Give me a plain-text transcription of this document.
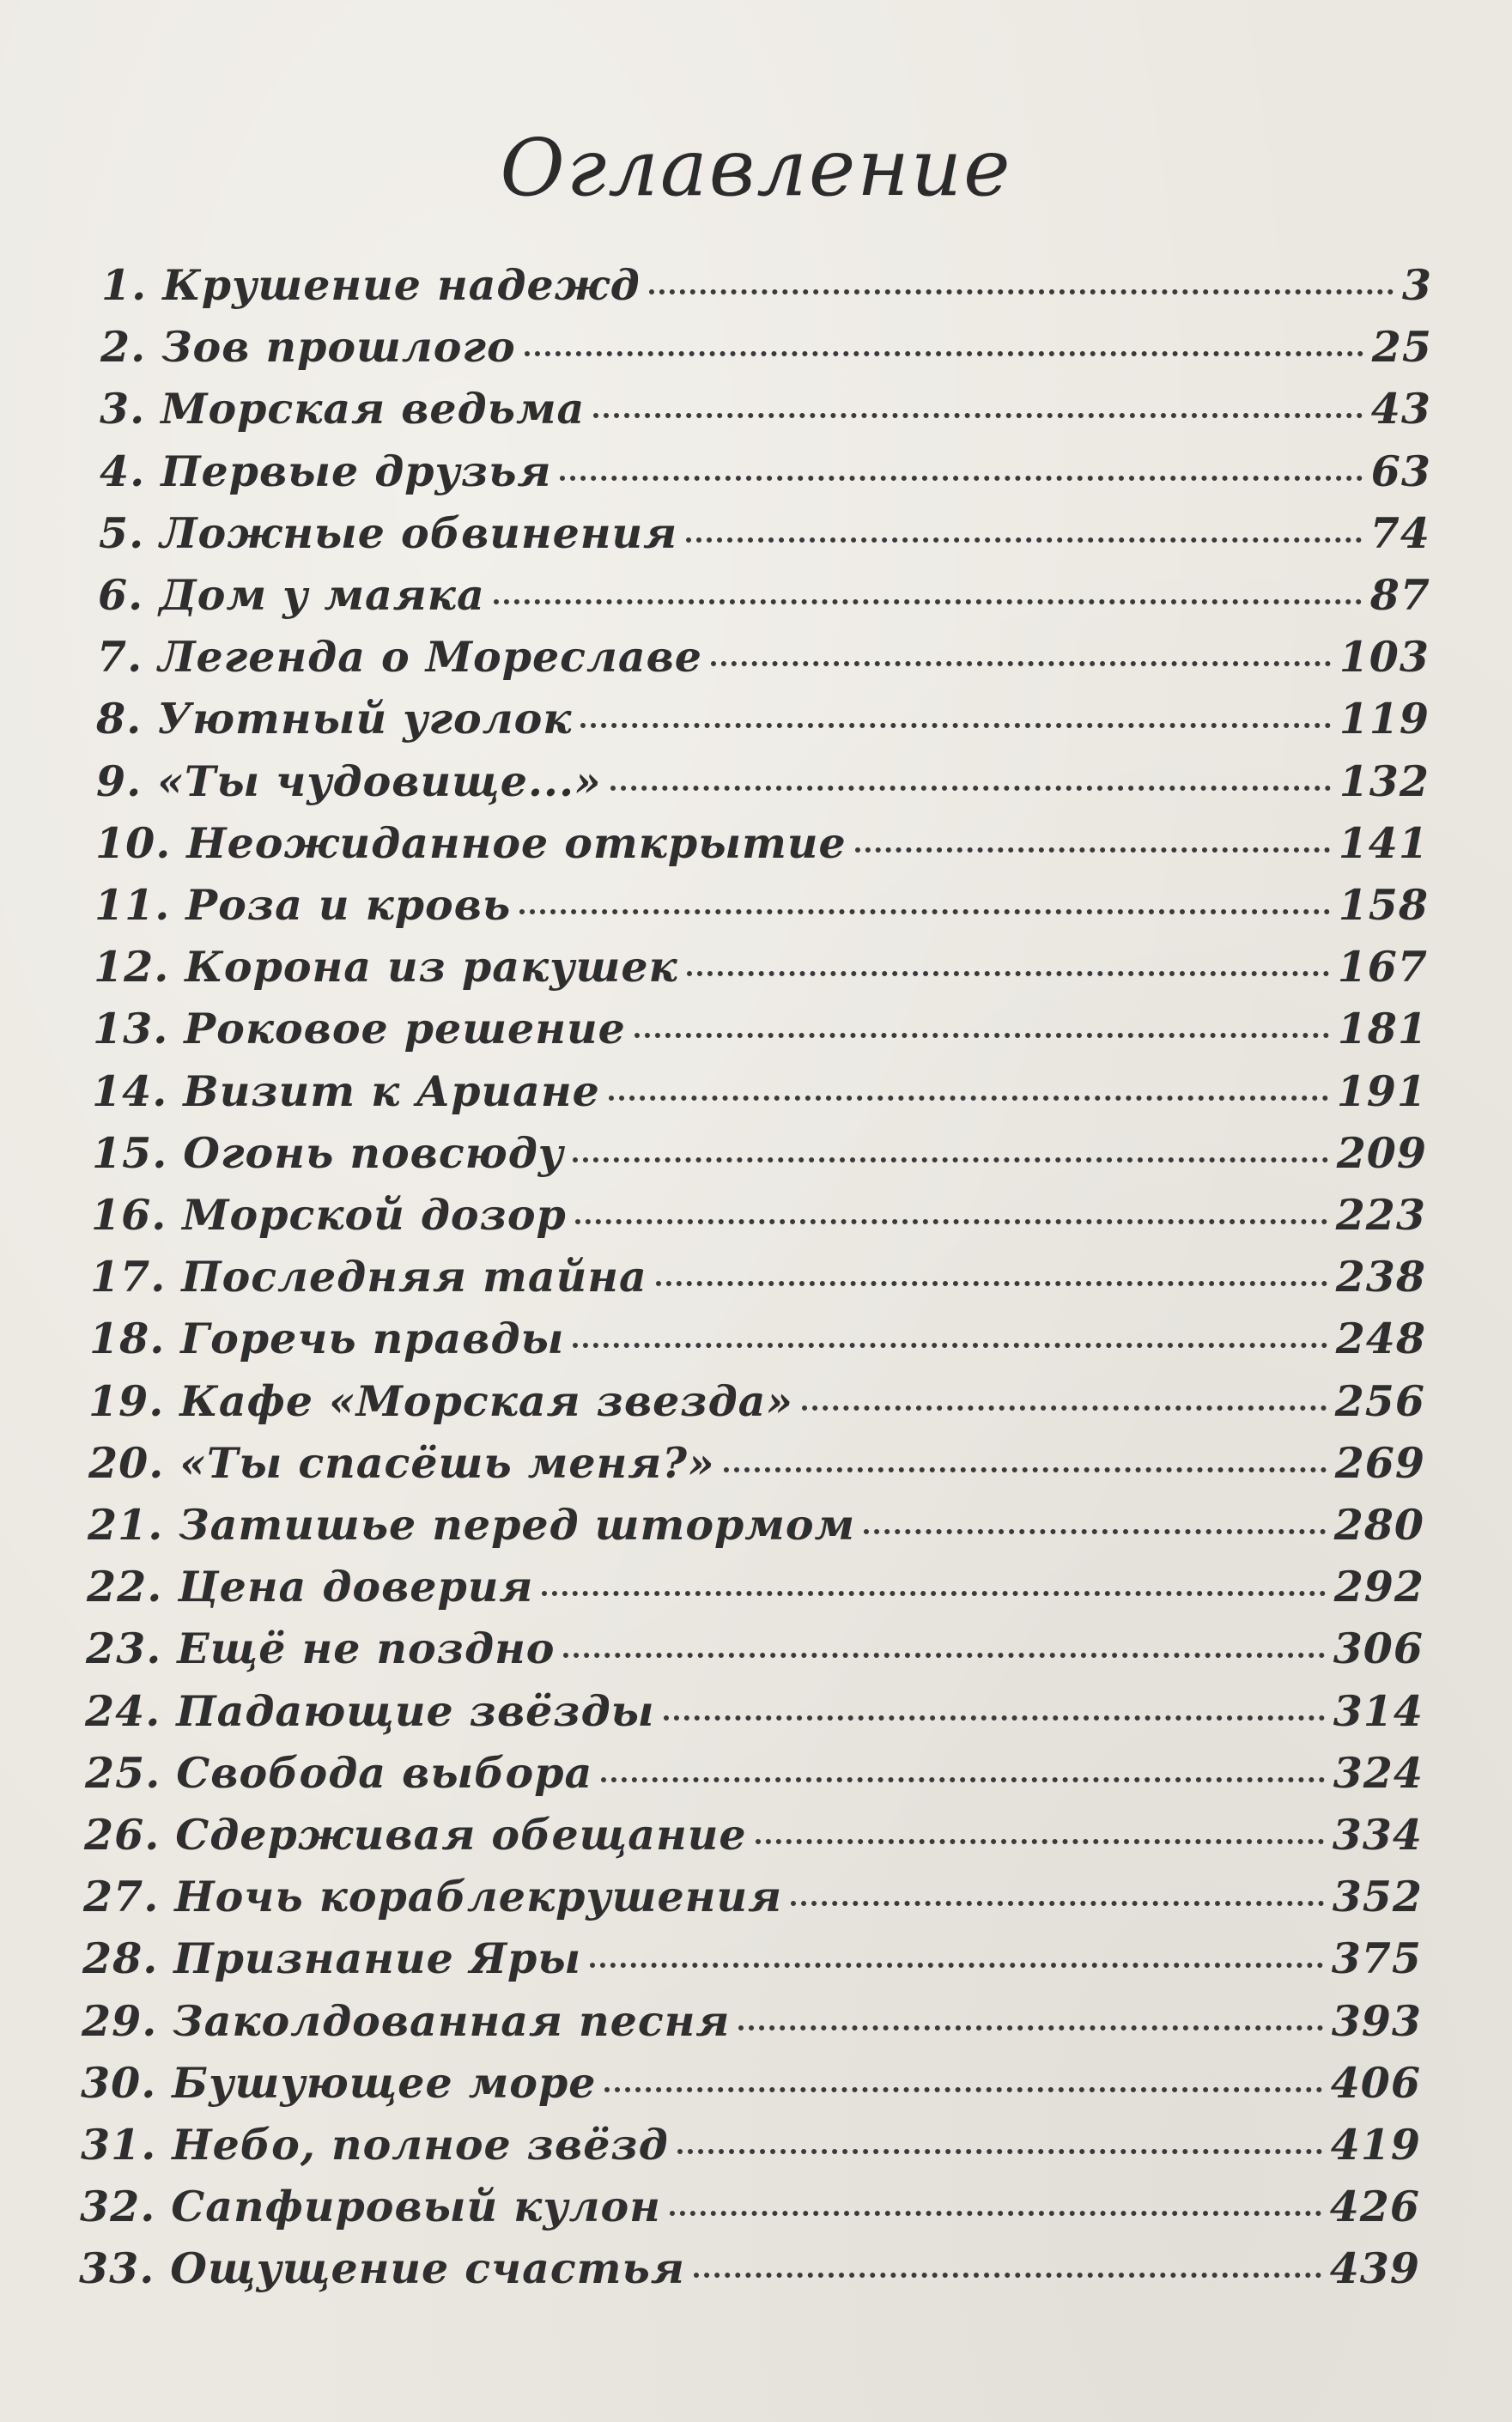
Оглавление
1. Крушение надежд	3
2. Зов прошлого	25
3. Морская ведьма	43
4. Первые друзья	63
5. Ложные обвинения	74
6. Дом у маяка	87
7. Легенда о Мореславе	103
8. Уютный уголок	119
9. «Ты чудовище...»	132
10. Неожиданное открытие	141
11. Роза и кровь	158
12. Корона из ракушек	167
13. Роковое решение	181
14. Визит к Ариане	191
15. Огонь повсюду	209
16. Морской дозор	223
17. Последняя тайна	238
18. Горечь правды	248
19. Кафе «Морская звезда»	256
20. «Ты спасёшь меня?»	269
21. Затишье перед штормом	280
22. Цена доверия	292
23. Ещё не поздно	306
24. Падающие звёзды	314
25. Свобода выбора	324
26. Сдерживая обещание	334
27. Ночь кораблекрушения	352
28. Признание Яры	375
29. Заколдованная песня	393
30. Бушующее море	406
31. Небо, полное звёзд	419
32. Сапфировый кулон	426
33. Ощущение счастья	439
